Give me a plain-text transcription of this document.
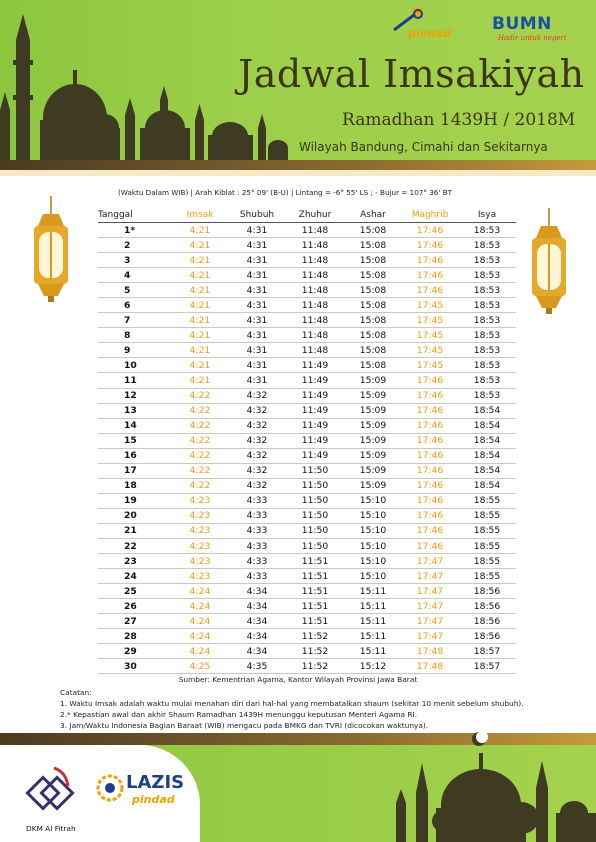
pindad BUMN
Hadir untuk negeri
Jadwal Imsakiyah
Ramadhan 1439H / 2018M
Wilayah Bandung, Cimahi dan Sekitarnya
(Waktu Dalam WIB) | Arah Kiblat : 25° 09' (B-U) | Lintang = -6° 55' LS ; - Bujur = 107° 36' BT
Tanggal	Imsak	Shubuh	Zhuhur	Ashar	Maghrib	Isya
1*	4:21	4:31	11:48	15:08	17:46	18:53
2	4:21	4:31	11:48	15:08	17:46	18:53
3	4:21	4:31	11:48	15:08	17:46	18:53
4	4:21	4:31	11:48	15:08	17:46	18:53
5	4:21	4:31	11:48	15:08	17:46	18:53
6	4:21	4:31	11:48	15:08	17:45	18:53
7	4:21	4:31	11:48	15:08	17:45	18:53
8	4:21	4:31	11:48	15:08	17:45	18:53
9	4:21	4:31	11:48	15:08	17:45	18:53
10	4:21	4:31	11:49	15:08	17:45	18:53
11	4:21	4:31	11:49	15:09	17:46	18:53
12	4:22	4:32	11:49	15:09	17:46	18:53
13	4:22	4:32	11:49	15:09	17:46	18:54
14	4:22	4:32	11:49	15:09	17:46	18:54
15	4:22	4:32	11:49	15:09	17:46	18:54
16	4:22	4:32	11:49	15:09	17:46	18:54
17	4:22	4:32	11:50	15:09	17:46	18:54
18	4:22	4:32	11:50	15:09	17:46	18:54
19	4:23	4:33	11:50	15:10	17:46	18:55
20	4:23	4:33	11:50	15:10	17:46	18:55
21	4:23	4:33	11:50	15:10	17:46	18:55
22	4:23	4:33	11:50	15:10	17:46	18:55
23	4:23	4:33	11:51	15:10	17:47	18:55
24	4:23	4:33	11:51	15:10	17:47	18:55
25	4:24	4:34	11:51	15:11	17:47	18:56
26	4:24	4:34	11:51	15:11	17:47	18:56
27	4:24	4:34	11:51	15:11	17:47	18:56
28	4:24	4:34	11:52	15:11	17:47	18:56
29	4:24	4:34	11:52	15:11	17:48	18:57
30	4:25	4:35	11:52	15:12	17:48	18:57
Sumber: Kementrian Agama, Kantor Wilayah Provinsi Jawa Barat
Catatan:
1. Waktu Imsak adalah waktu mulai menahan diri dari hal-hal yang membatalkan shaum (sekitar 10 menit sebelum shubuh).
2.* Kepastian awal dan akhir Shaum Ramadhan 1439H menunggu keputusan Menteri Agama RI.
3. Jam/Waktu Indonesia Bagian Baraat (WIB) mengacu pada BMKG dan TVRI (dicocokan waktunya).
DKM Al Fitrah
LAZIS
pindad
